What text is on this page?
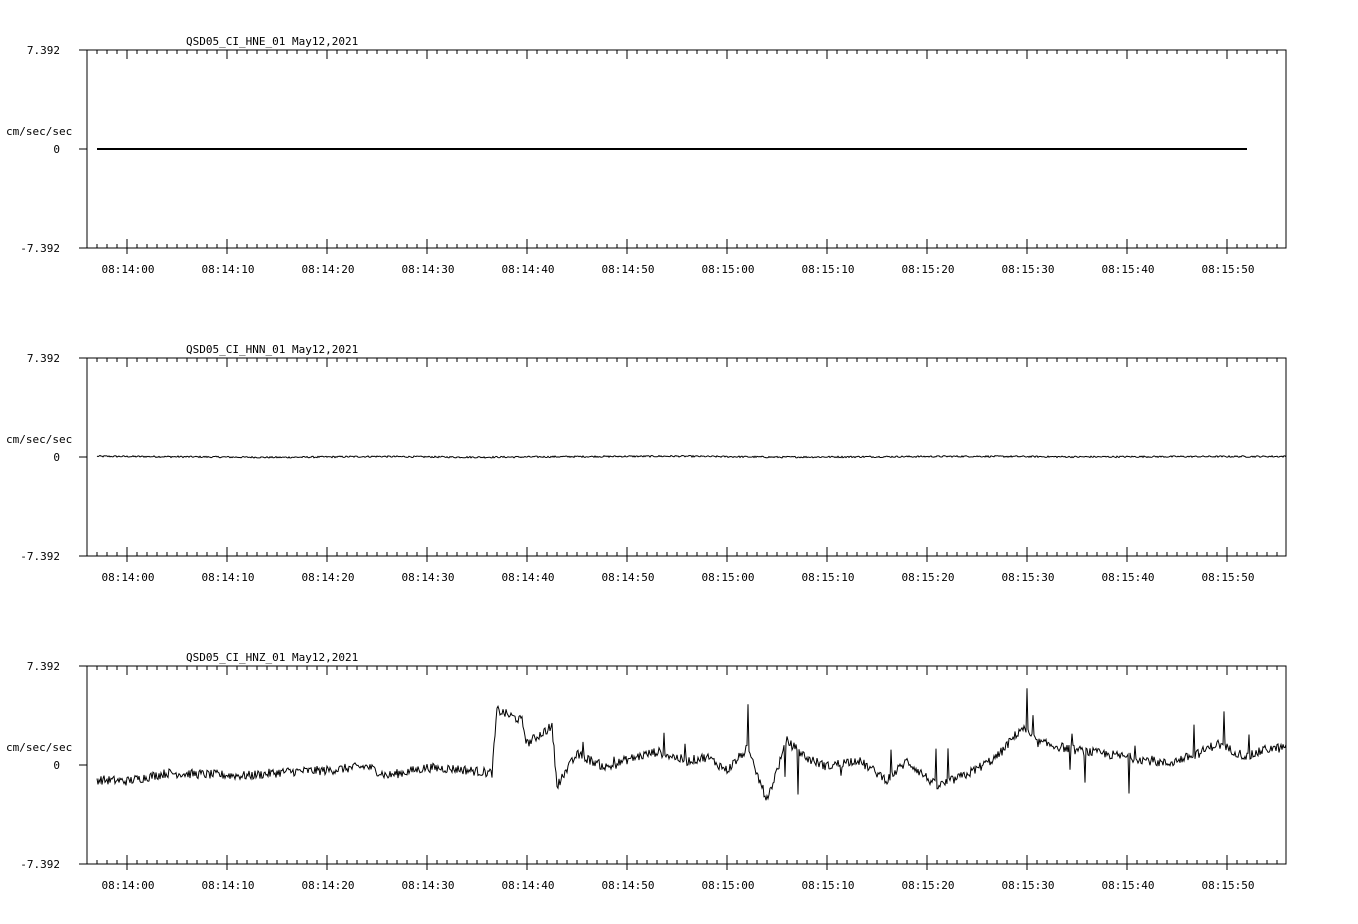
QSD05_CI_HNE_01 May12,2021
7.392
0
-7.392
cm/sec/sec
08:14:00	08:14:10	08:14:20	08:14:30	08:14:40	08:14:50	08:15:00	08:15:10	08:15:20	08:15:30	08:15:40	08:15:50
QSD05_CI_HNN_01 May12,2021
7.392
0
-7.392
cm/sec/sec
08:14:00	08:14:10	08:14:20	08:14:30	08:14:40	08:14:50	08:15:00	08:15:10	08:15:20	08:15:30	08:15:40	08:15:50
QSD05_CI_HNZ_01 May12,2021
7.392
0
-7.392
cm/sec/sec
08:14:00	08:14:10	08:14:20	08:14:30	08:14:40	08:14:50	08:15:00	08:15:10	08:15:20	08:15:30	08:15:40	08:15:50
